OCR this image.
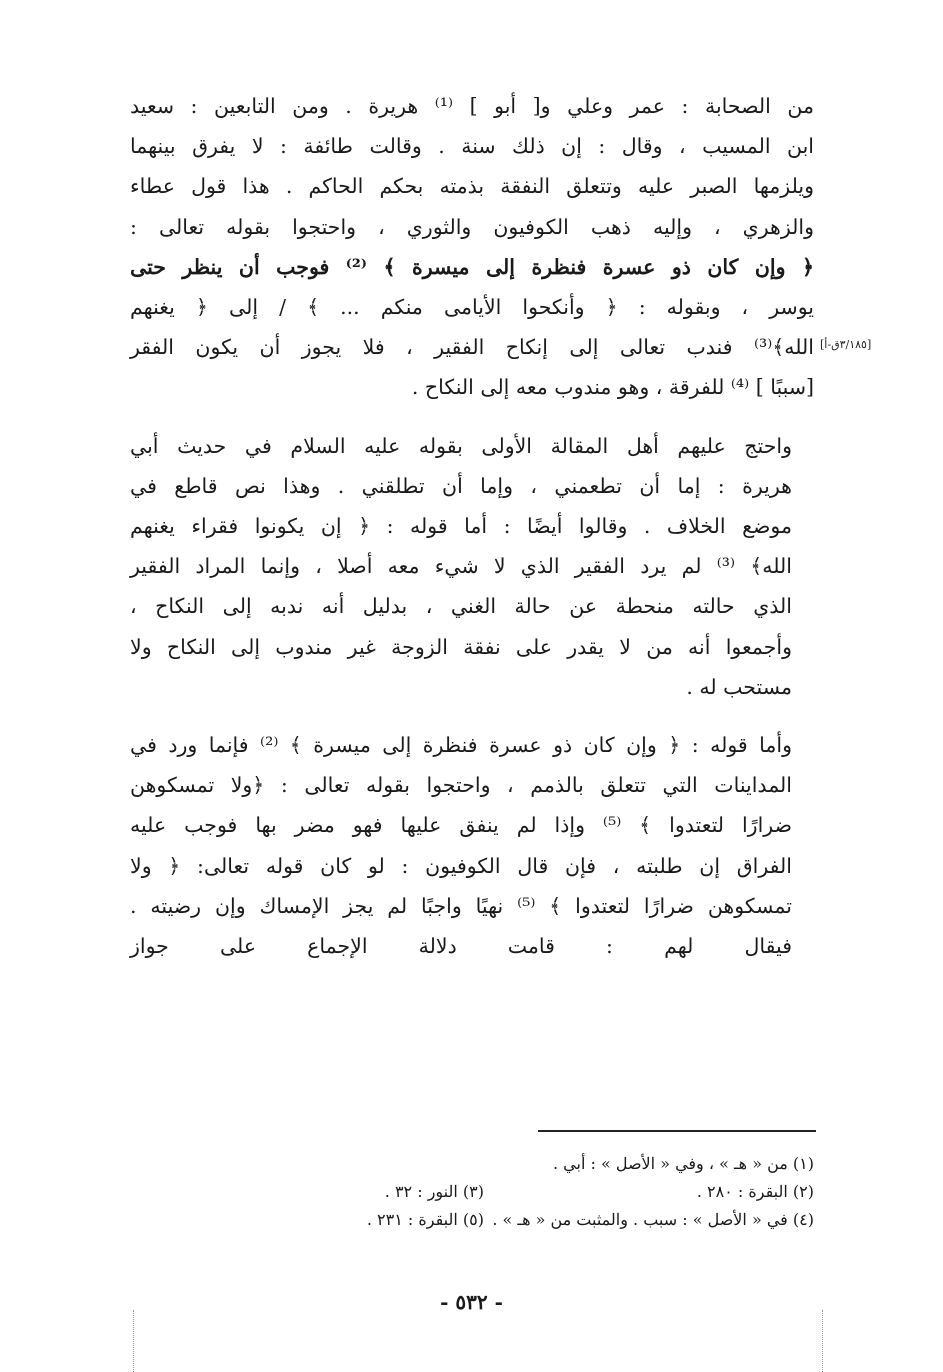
[٣/١٨٥ق-أ]

من الصحابة : عمر وعلي و[ أبو ] ⁽¹⁾ هريرة . ومن التابعين : سعيد
ابن المسيب ، وقال : إن ذلك سنة . وقالت طائفة : لا يفرق بينهما
ويلزمها الصبر عليه وتتعلق النفقة بذمته بحكم الحاكم . هذا قول عطاء
والزهري ، وإليه ذهب الكوفيون والثوري ، واحتجوا بقوله تعالى :
﴿ وإن كان ذو عسرة فنظرة إلى ميسرة ﴾ ⁽²⁾ فوجب أن ينظر حتى
يوسر ، وبقوله : ﴿ وأنكحوا الأيامى منكم ... ﴾ / إلى ﴿ يغنهم
الله﴾⁽³⁾ فندب تعالى إلى إنكاح الفقير ، فلا يجوز أن يكون الفقر
[سببًا ] ⁽⁴⁾ للفرقة ، وهو مندوب معه إلى النكاح .

واحتج عليهم أهل المقالة الأولى بقوله عليه السلام في حديث أبي
هريرة : إما أن تطعمني ، وإما أن تطلقني . وهذا نص قاطع في
موضع الخلاف . وقالوا أيضًا : أما قوله : ﴿ إن يكونوا فقراء يغنهم
الله﴾ ⁽³⁾ لم يرد الفقير الذي لا شيء معه أصلا ، وإنما المراد الفقير
الذي حالته منحطة عن حالة الغني ، بدليل أنه ندبه إلى النكاح ،
وأجمعوا أنه من لا يقدر على نفقة الزوجة غير مندوب إلى النكاح ولا
مستحب له .

وأما قوله : ﴿ وإن كان ذو عسرة فنظرة إلى ميسرة ﴾ ⁽²⁾ فإنما ورد في
المداينات التي تتعلق بالذمم ، واحتجوا بقوله تعالى : ﴿ولا تمسكوهن
ضرارًا لتعتدوا ﴾ ⁽⁵⁾ وإذا لم ينفق عليها فهو مضر بها فوجب عليه
الفراق إن طلبته ، فإن قال الكوفيون : لو كان قوله تعالى: ﴿ ولا
تمسكوهن ضرارًا لتعتدوا ﴾ ⁽⁵⁾ نهيًا واجبًا لم يجز الإمساك وإن رضيته .
فيقال لهم : قامت دلالة الإجماع على جواز

(١) من « هـ » ، وفي « الأصل » : أبي .
(٢) البقرة : ٢٨٠ .
(٣) النور : ٣٢ .
(٤) في « الأصل » : سبب . والمثبت من « هـ » .
(٥) البقرة : ٢٣١ .
- ٥٣٢ -
